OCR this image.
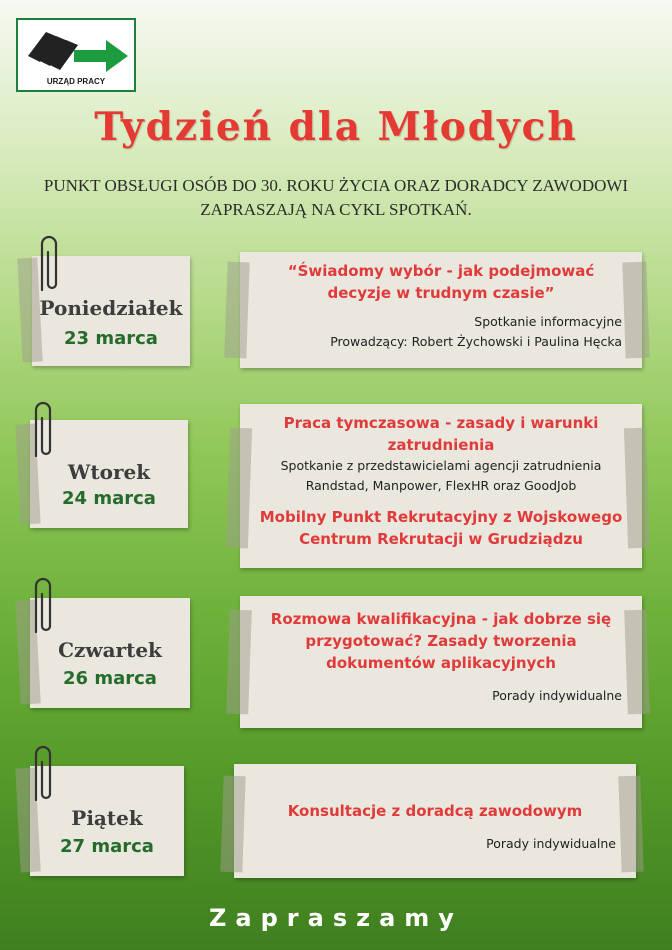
URZĄD PRACY
Tydzień dla Młodych
PUNKT OBSŁUGI OSÓB DO 30. ROKU ŻYCIA ORAZ DORADCY ZAWODOWI
ZAPRASZAJĄ NA CYKL SPOTKAŃ.
Poniedziałek
23 marca
“Świadomy wybór - jak podejmować
decyzje w trudnym czasie”
Spotkanie informacyjne
Prowadzący: Robert Żychowski i Paulina Hęcka
Wtorek
24 marca
Praca tymczasowa - zasady i warunki
zatrudnienia
Spotkanie z przedstawicielami agencji zatrudnienia
Randstad, Manpower, FlexHR oraz GoodJob
Mobilny Punkt Rekrutacyjny z Wojskowego
Centrum Rekrutacji w Grudziądzu
Czwartek
26 marca
Rozmowa kwalifikacyjna - jak dobrze się
przygotować? Zasady tworzenia
dokumentów aplikacyjnych
Porady indywidualne
Piątek
27 marca
Konsultacje z doradcą zawodowym
Porady indywidualne
Zapraszamy
